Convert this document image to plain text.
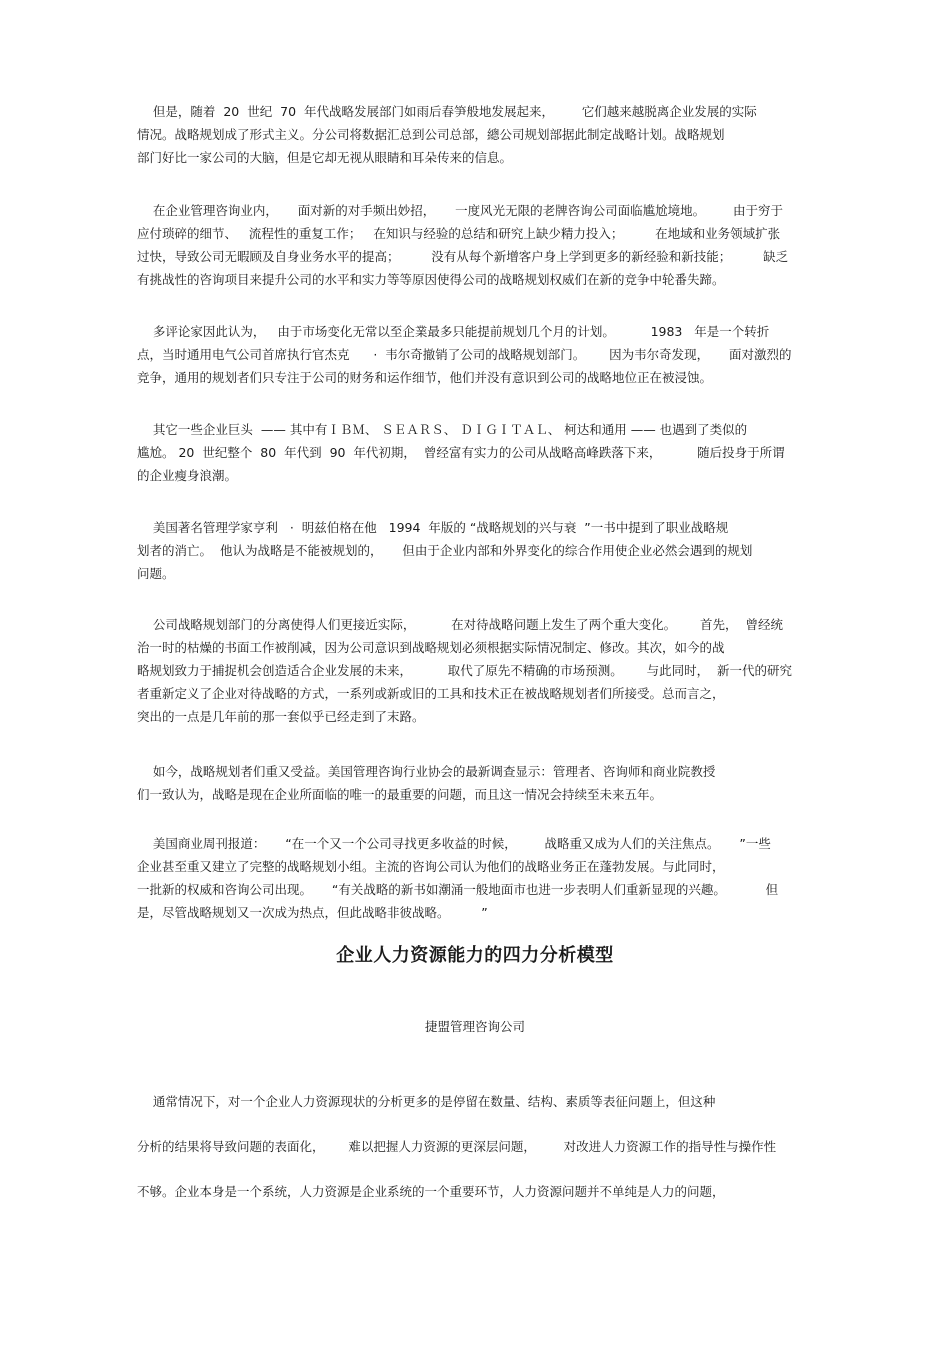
但是，随着  20  世纪  70  年代战略发展部门如雨后春笋般地发展起来，       它们越来越脱离企业发展的实际
情况。战略规划成了形式主义。分公司将数据汇总到公司总部，總公司规划部据此制定战略计划。战略规划
部门好比一家公司的大脑，但是它却无视从眼睛和耳朵传来的信息。
在企业管理咨询业内，     面对新的对手频出妙招，     一度风光无限的老牌咨询公司面临尴尬境地。       由于穷于
应付琐碎的细节、   流程性的重复工作；   在知识与经验的总结和研究上缺少精力投入；        在地域和业务领域扩张
过快，导致公司无暇顾及自身业务水平的提高；        没有从每个新增客户身上学到更多的新经验和新技能；        缺乏
有挑战性的咨询项目来提升公司的水平和实力等等原因使得公司的战略规划权威们在新的竞争中轮番失蹄。
多评论家因此认为，   由于市场变化无常以至企業最多只能提前规划几个月的计划。         1983   年是一个转折
点，当时通用电气公司首席执行官杰克      ·  韦尔奇撤销了公司的战略规划部门。      因为韦尔奇发现，     面对激烈的
竞争，通用的规划者们只专注于公司的财务和运作细节，他们并没有意识到公司的战略地位正在被浸蚀。
其它一些企业巨头  —— 其中有ＩＢＭ、 ＳＥＡＲＳ、 ＤＩＧＩＴＡＬ、 柯达和通用 —— 也遇到了类似的
尴尬。 20  世纪整个  80  年代到  90  年代初期，  曾经富有实力的公司从战略高峰跌落下来，         随后投身于所谓
的企业瘦身浪潮。
美国著名管理学家亨利   ·  明兹伯格在他   1994  年版的 “战略规划的兴与衰  ”一书中提到了职业战略规
划者的消亡。  他认为战略是不能被规划的，     但由于企业内部和外界变化的综合作用使企业必然会遇到的规划
问题。
公司战略规划部门的分离使得人们更接近实际，         在对待战略问题上发生了两个重大变化。      首先，  曾经统
治一时的枯燥的书面工作被削减，因为公司意识到战略规划必须根据实际情况制定、修改。其次，如今的战
略规划致力于捕捉机会创造适合企业发展的未来，         取代了原先不精确的市场预测。      与此同时，  新一代的研究
者重新定义了企业对待战略的方式，一系列或新或旧的工具和技术正在被战略规划者们所接受。总而言之，
突出的一点是几年前的那一套似乎已经走到了末路。
如今，战略规划者们重又受益。美国管理咨询行业协会的最新调查显示：管理者、咨询师和商业院教授
们一致认为，战略是现在企业所面临的唯一的最重要的问题，而且这一情况会持续至未来五年。
美国商业周刊报道：     “在一个又一个公司寻找更多收益的时候，       战略重又成为人们的关注焦点。     ”一些
企业甚至重又建立了完整的战略规划小组。主流的咨询公司认为他们的战略业务正在蓬勃发展。与此同时，
一批新的权威和咨询公司出现。     “有关战略的新书如潮涌一般地面市也进一步表明人们重新显现的兴趣。          但
是，尽管战略规划又一次成为热点，但此战略非彼战略。        ”
企业人力资源能力的四力分析模型

捷盟管理咨询公司

通常情况下，对一个企业人力资源现状的分析更多的是停留在数量、结构、素质等表征问题上，但这种
分析的结果将导致问题的表面化，      难以把握人力资源的更深层问题，       对改进人力资源工作的指导性与操作性
不够。企业本身是一个系统，人力资源是企业系统的一个重要环节，人力资源问题并不单纯是人力的问题，
